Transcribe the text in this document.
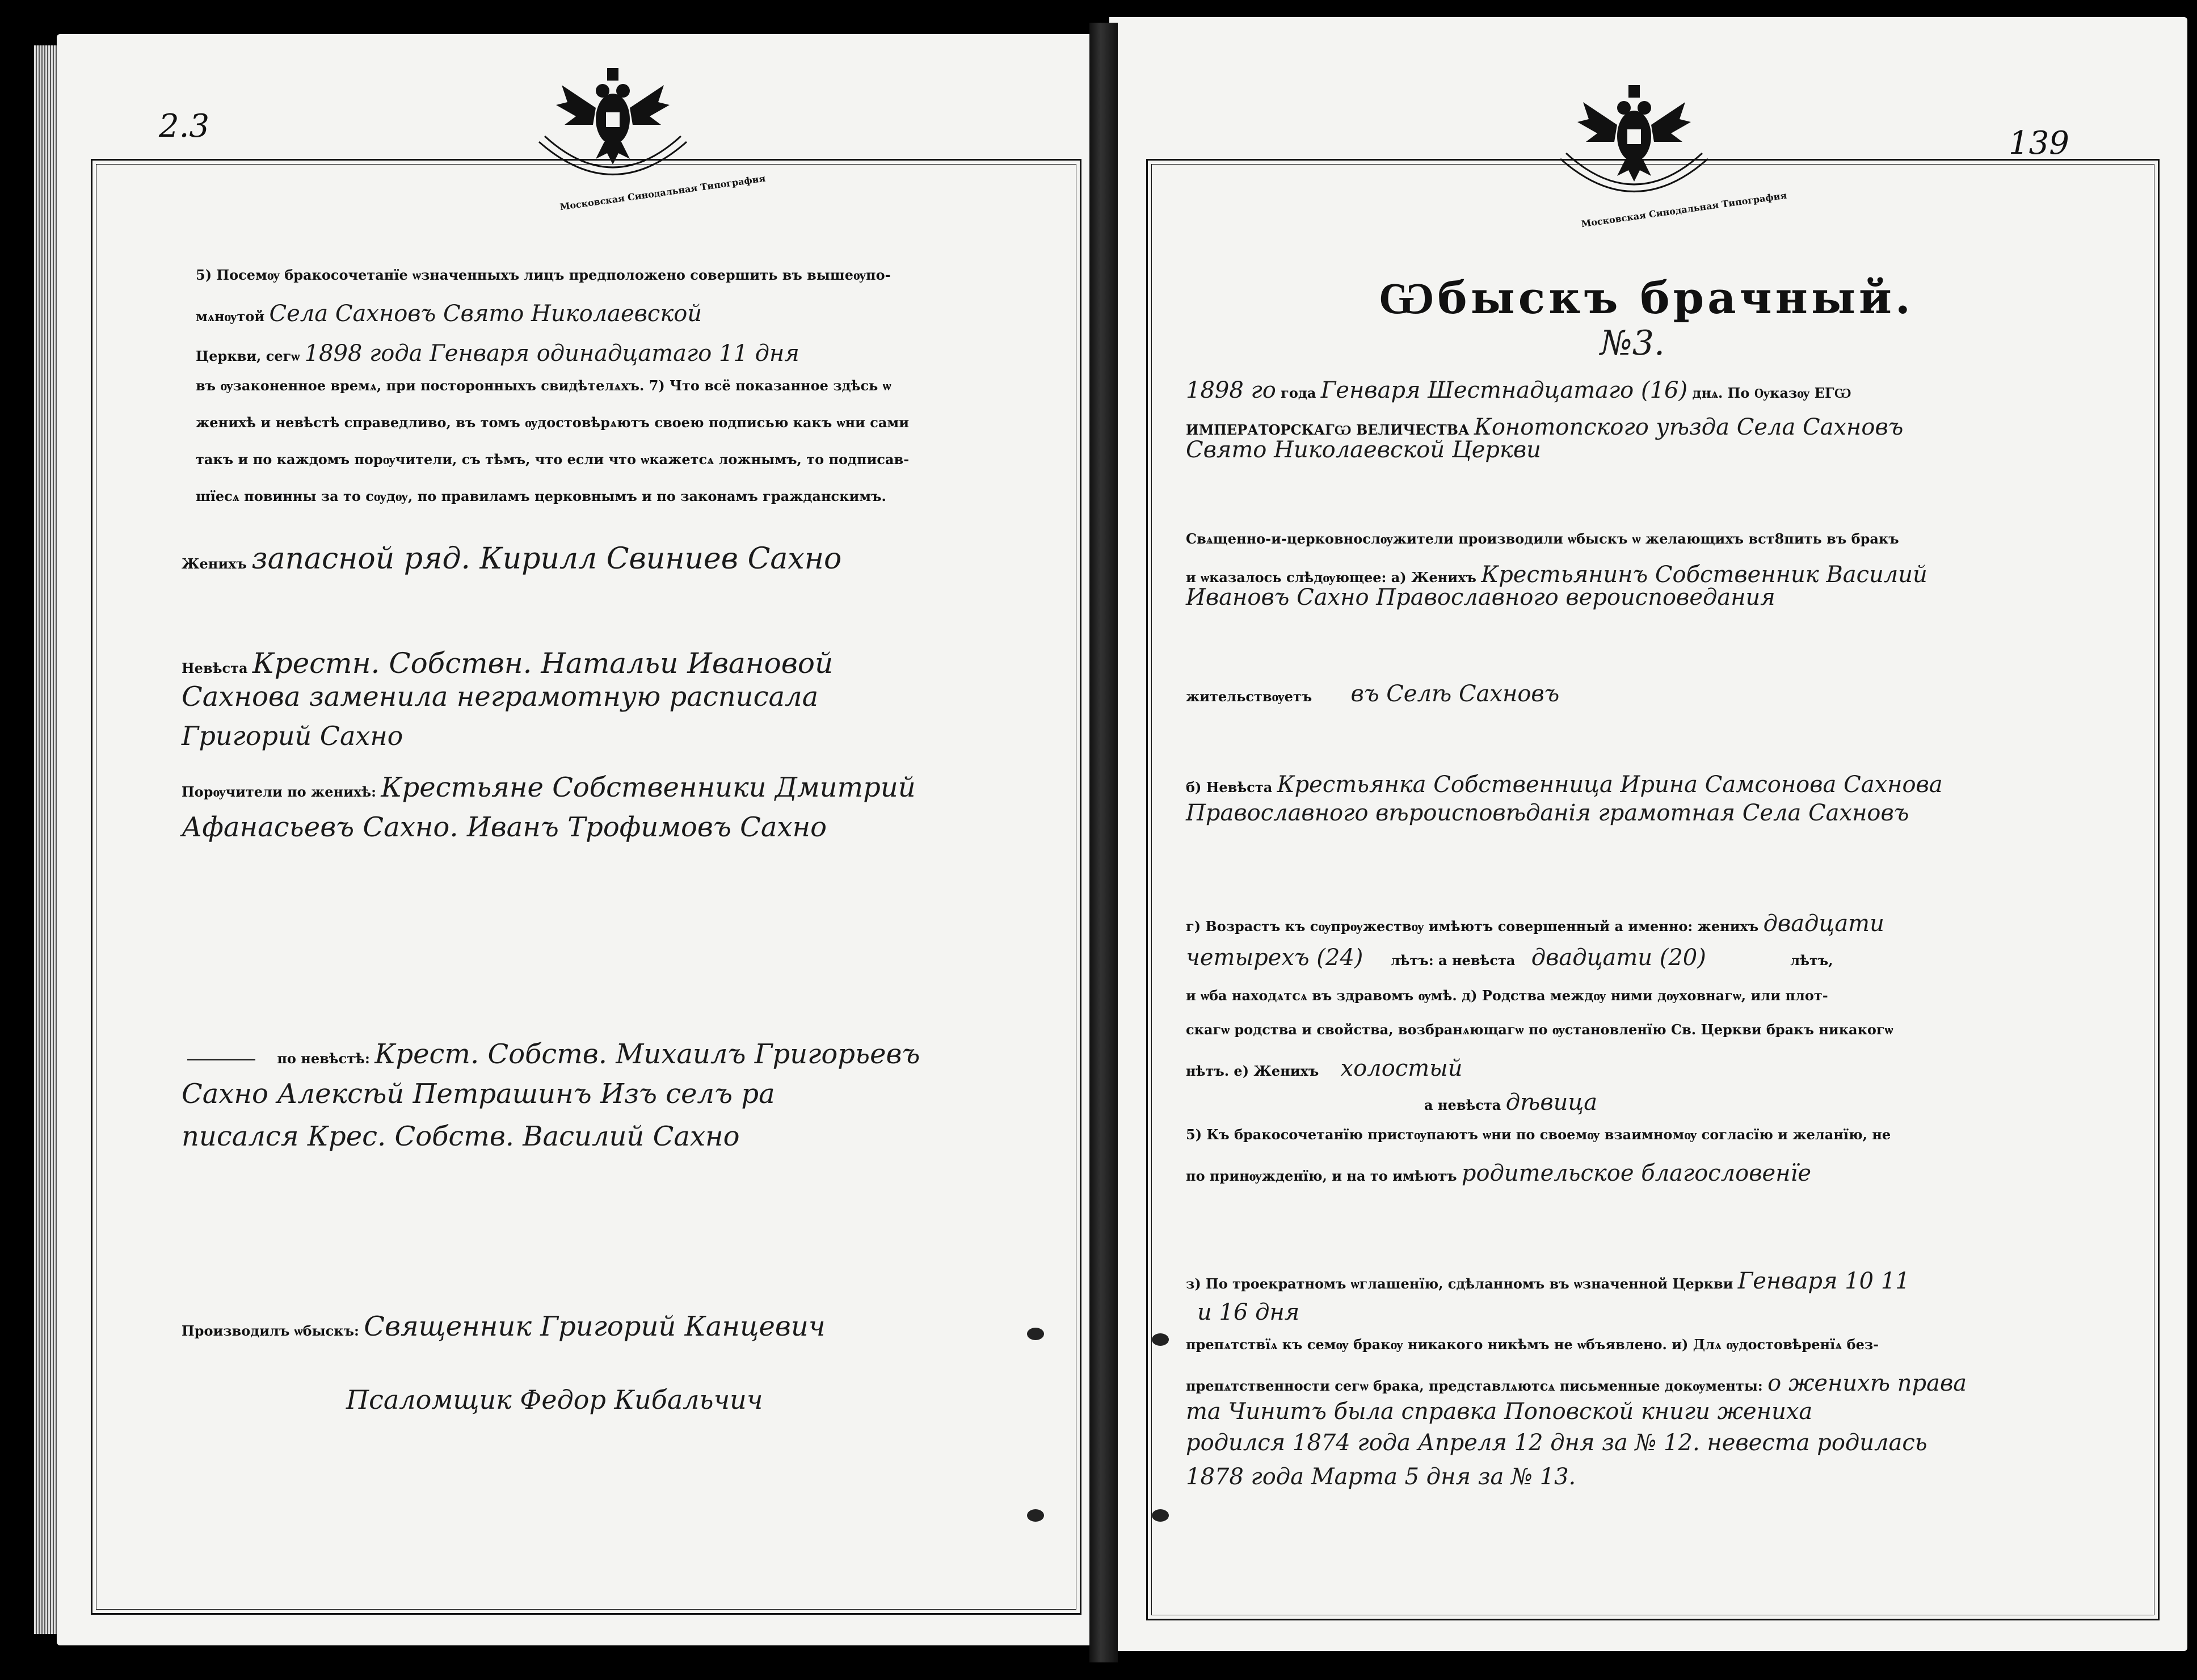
2.3
Московская Синодальная Типография
5) Посемѹ бракосочетанїе ѡзначенныхъ лицъ предположено совершить въ вышеѹпо-
мѧнѹтой Села Сахновъ Свято Николаевской
Церкви, сегѡ 1898 года Генваря одинадцатаго 11 дня
въ ѹзаконенное времѧ, при посторонныхъ свидѣтелѧхъ. 7) Что всё показанное здѣсь ѡ
женихѣ и невѣстѣ справедливо, въ томъ ѹдостовѣрѧютъ своею подписью какъ ѡни сами
такъ и по каждомъ порѹчители, съ тѣмъ, что если что ѡкажетсѧ ложнымъ, то подписав-
шїесѧ повинны за то сѹдѹ, по правиламъ церковнымъ и по законамъ гражданскимъ.
Женихъ запасной ряд. Кирилл Свиниев Сахно
Невѣста Крестн. Собствн. Натальи Ивановой
Сахнова заменила неграмотную расписала
Григорий Сахно
Порѹчители по женихѣ: Крестьяне Собственники Дмитрий
Афанасьевъ Сахно. Иванъ Трофимовъ Сахно
по невѣстѣ: Крест. Собств. Михаилъ Григорьевъ
Сахно Алексѣй Петрашинъ Изъ селъ ра
писался Крес. Собств. Василий Сахно
Производилъ ѡбыскъ: Священник Григорий Канцевич
Псаломщик Федор Кибальчич
139
Московская Синодальная Типография
Ѡбыскъ брачный.
№3.
1898 го года Генваря Шестнадцатаго (16) днѧ. По Ѹказѹ ЕГѠ
ИМПЕРАТОРСКАГѠ ВЕЛИЧЕСТВА Конотопского уѣзда Села Сахновъ
Свято Николаевской Церкви
Свѧщенно-и-церковнослѹжители производили ѡбыскъ ѡ желающихъ вст8пить въ бракъ
и ѡказалось слѣдѹющее: а) Женихъ Крестьянинъ Собственник Василий
Ивановъ Сахно Православного вероисповедания
жительствѹетъ въ Селѣ Сахновъ
б) Невѣста Крестьянка Собственница Ирина Самсонова Сахнова
Православного вѣроисповѣданія грамотная Села Сахновъ
г) Возрастъ къ сѹпрѹжествѹ имѣютъ совершенный а именно: женихъ двадцати
четырехъ (24) лѣтъ: а невѣста двадцати (20)	лѣтъ,
и ѡба находѧтсѧ въ здравомъ ѹмѣ. д) Родства междѹ ними дѹховнагѡ, или плот-
скагѡ родства и свойства, возбранѧющагѡ по ѹстановленїю Св. Церкви бракъ никакогѡ
нѣтъ. е) Женихъ холостый
а невѣста дѣвица
5) Къ бракосочетанїю пристѹпаютъ ѡни по своемѹ взаимномѹ согласїю и желанїю, не
по принѹжденїю, и на то имѣютъ родительское благословенїе
з) По троекратномъ ѡглашенїю, сдѣланномъ въ ѡзначенной Церкви Генваря 10 11
и 16 дня
препѧтствїѧ къ семѹ бракѹ никакого никѣмъ не ѡбъявлено. и) Длѧ ѹдостовѣренїѧ без-
препѧтственности сегѡ брака, представлѧютсѧ письменные докѹменты: о женихѣ права
та Чинитъ была справка Поповской книги жениха
родился 1874 года Апреля 12 дня за № 12. невеста родилась
1878 года Марта 5 дня за № 13.
